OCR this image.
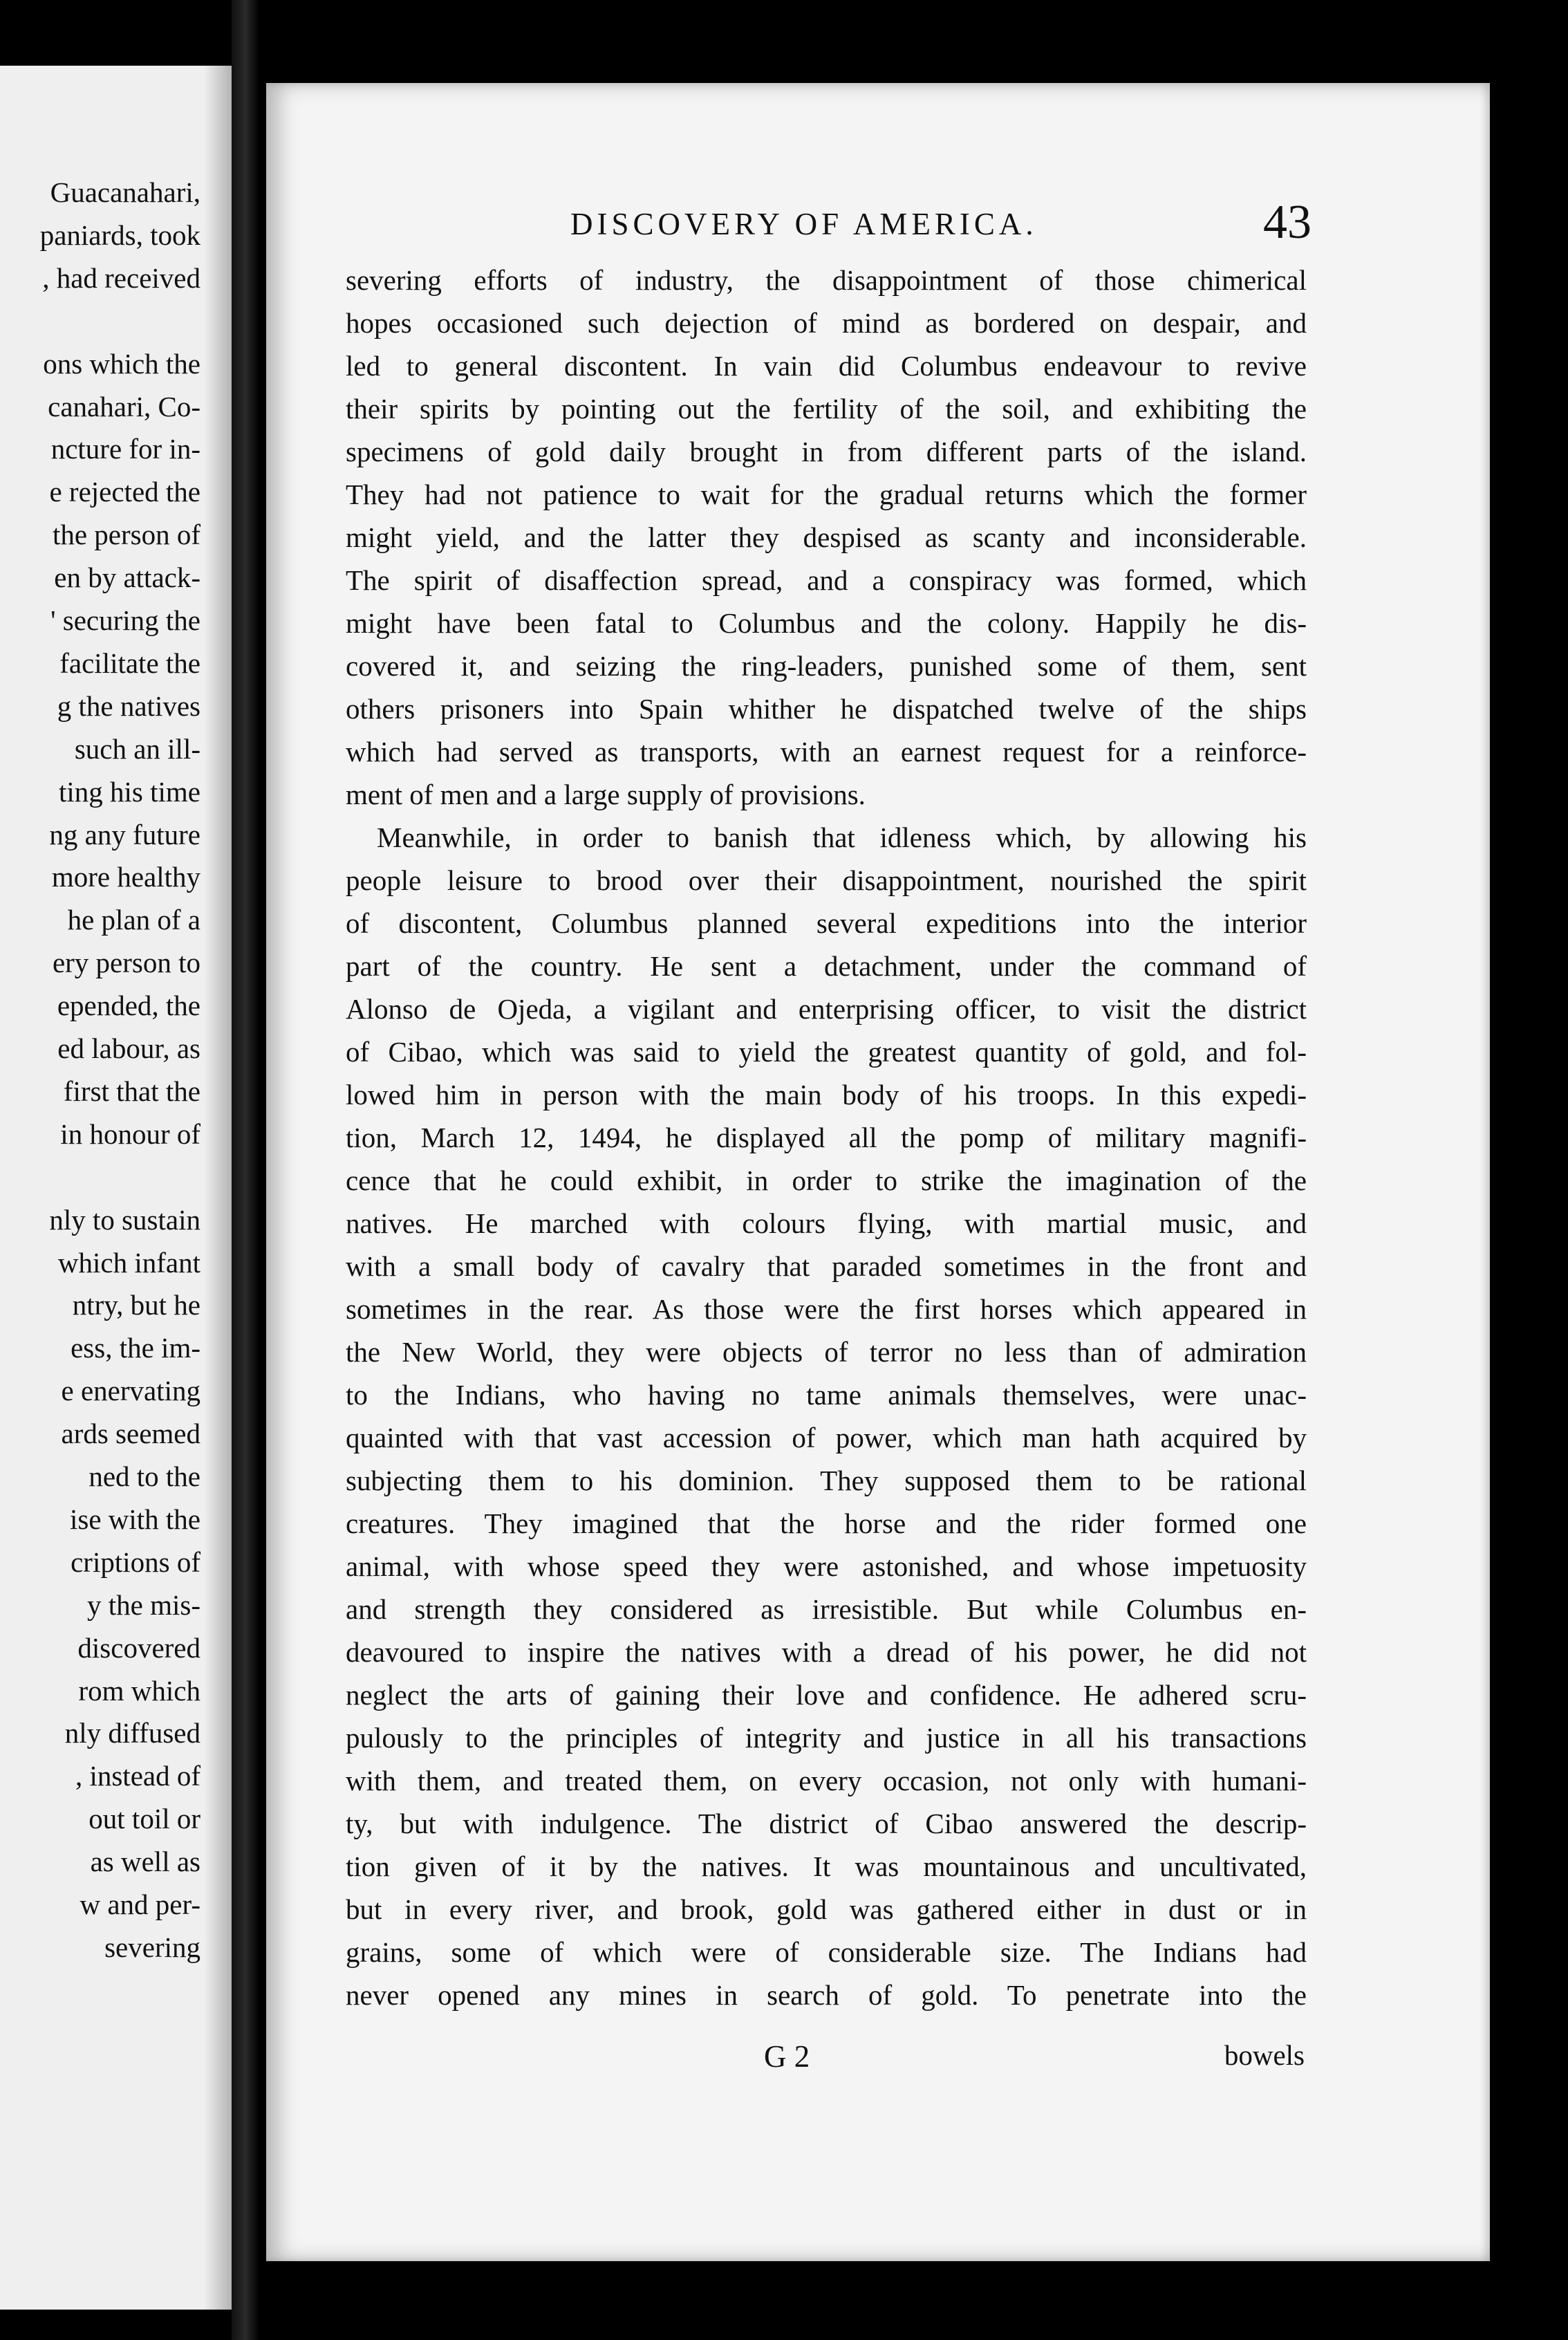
Guacanahari,
paniards, took
, had received
ons which the
canahari, Co-
ncture for in-
e rejected the
the person of
en by attack-
' securing the
facilitate the
g the natives
such an ill-
ting his time
ng any future
more healthy
he plan of a
ery person to
epended, the
ed labour, as
first that the
in honour of
nly to sustain
which infant
ntry, but he
ess, the im-
e enervating
ards seemed
ned to the
ise with the
criptions of
y the mis-
discovered
rom which
nly diffused
, instead of
out toil or
as well as
w and per-
severing
DISCOVERY OF AMERICA.	43
severing efforts of industry, the disappointment of those chimerical
hopes occasioned such dejection of mind as bordered on despair, and
led to general discontent. In vain did Columbus endeavour to revive
their spirits by pointing out the fertility of the soil, and exhibiting the
specimens of gold daily brought in from different parts of the island.
They had not patience to wait for the gradual returns which the former
might yield, and the latter they despised as scanty and inconsiderable.
The spirit of disaffection spread, and a conspiracy was formed, which
might have been fatal to Columbus and the colony. Happily he dis-
covered it, and seizing the ring-leaders, punished some of them, sent
others prisoners into Spain whither he dispatched twelve of the ships
which had served as transports, with an earnest request for a reinforce-
ment of men and a large supply of provisions.
Meanwhile, in order to banish that idleness which, by allowing his
people leisure to brood over their disappointment, nourished the spirit
of discontent, Columbus planned several expeditions into the interior
part of the country. He sent a detachment, under the command of
Alonso de Ojeda, a vigilant and enterprising officer, to visit the district
of Cibao, which was said to yield the greatest quantity of gold, and fol-
lowed him in person with the main body of his troops. In this expedi-
tion, March 12, 1494, he displayed all the pomp of military magnifi-
cence that he could exhibit, in order to strike the imagination of the
natives. He marched with colours flying, with martial music, and
with a small body of cavalry that paraded sometimes in the front and
sometimes in the rear. As those were the first horses which appeared in
the New World, they were objects of terror no less than of admiration
to the Indians, who having no tame animals themselves, were unac-
quainted with that vast accession of power, which man hath acquired by
subjecting them to his dominion. They supposed them to be rational
creatures. They imagined that the horse and the rider formed one
animal, with whose speed they were astonished, and whose impetuosity
and strength they considered as irresistible. But while Columbus en-
deavoured to inspire the natives with a dread of his power, he did not
neglect the arts of gaining their love and confidence. He adhered scru-
pulously to the principles of integrity and justice in all his transactions
with them, and treated them, on every occasion, not only with humani-
ty, but with indulgence. The district of Cibao answered the descrip-
tion given of it by the natives. It was mountainous and uncultivated,
but in every river, and brook, gold was gathered either in dust or in
grains, some of which were of considerable size. The Indians had
never opened any mines in search of gold. To penetrate into the
G 2	bowels
